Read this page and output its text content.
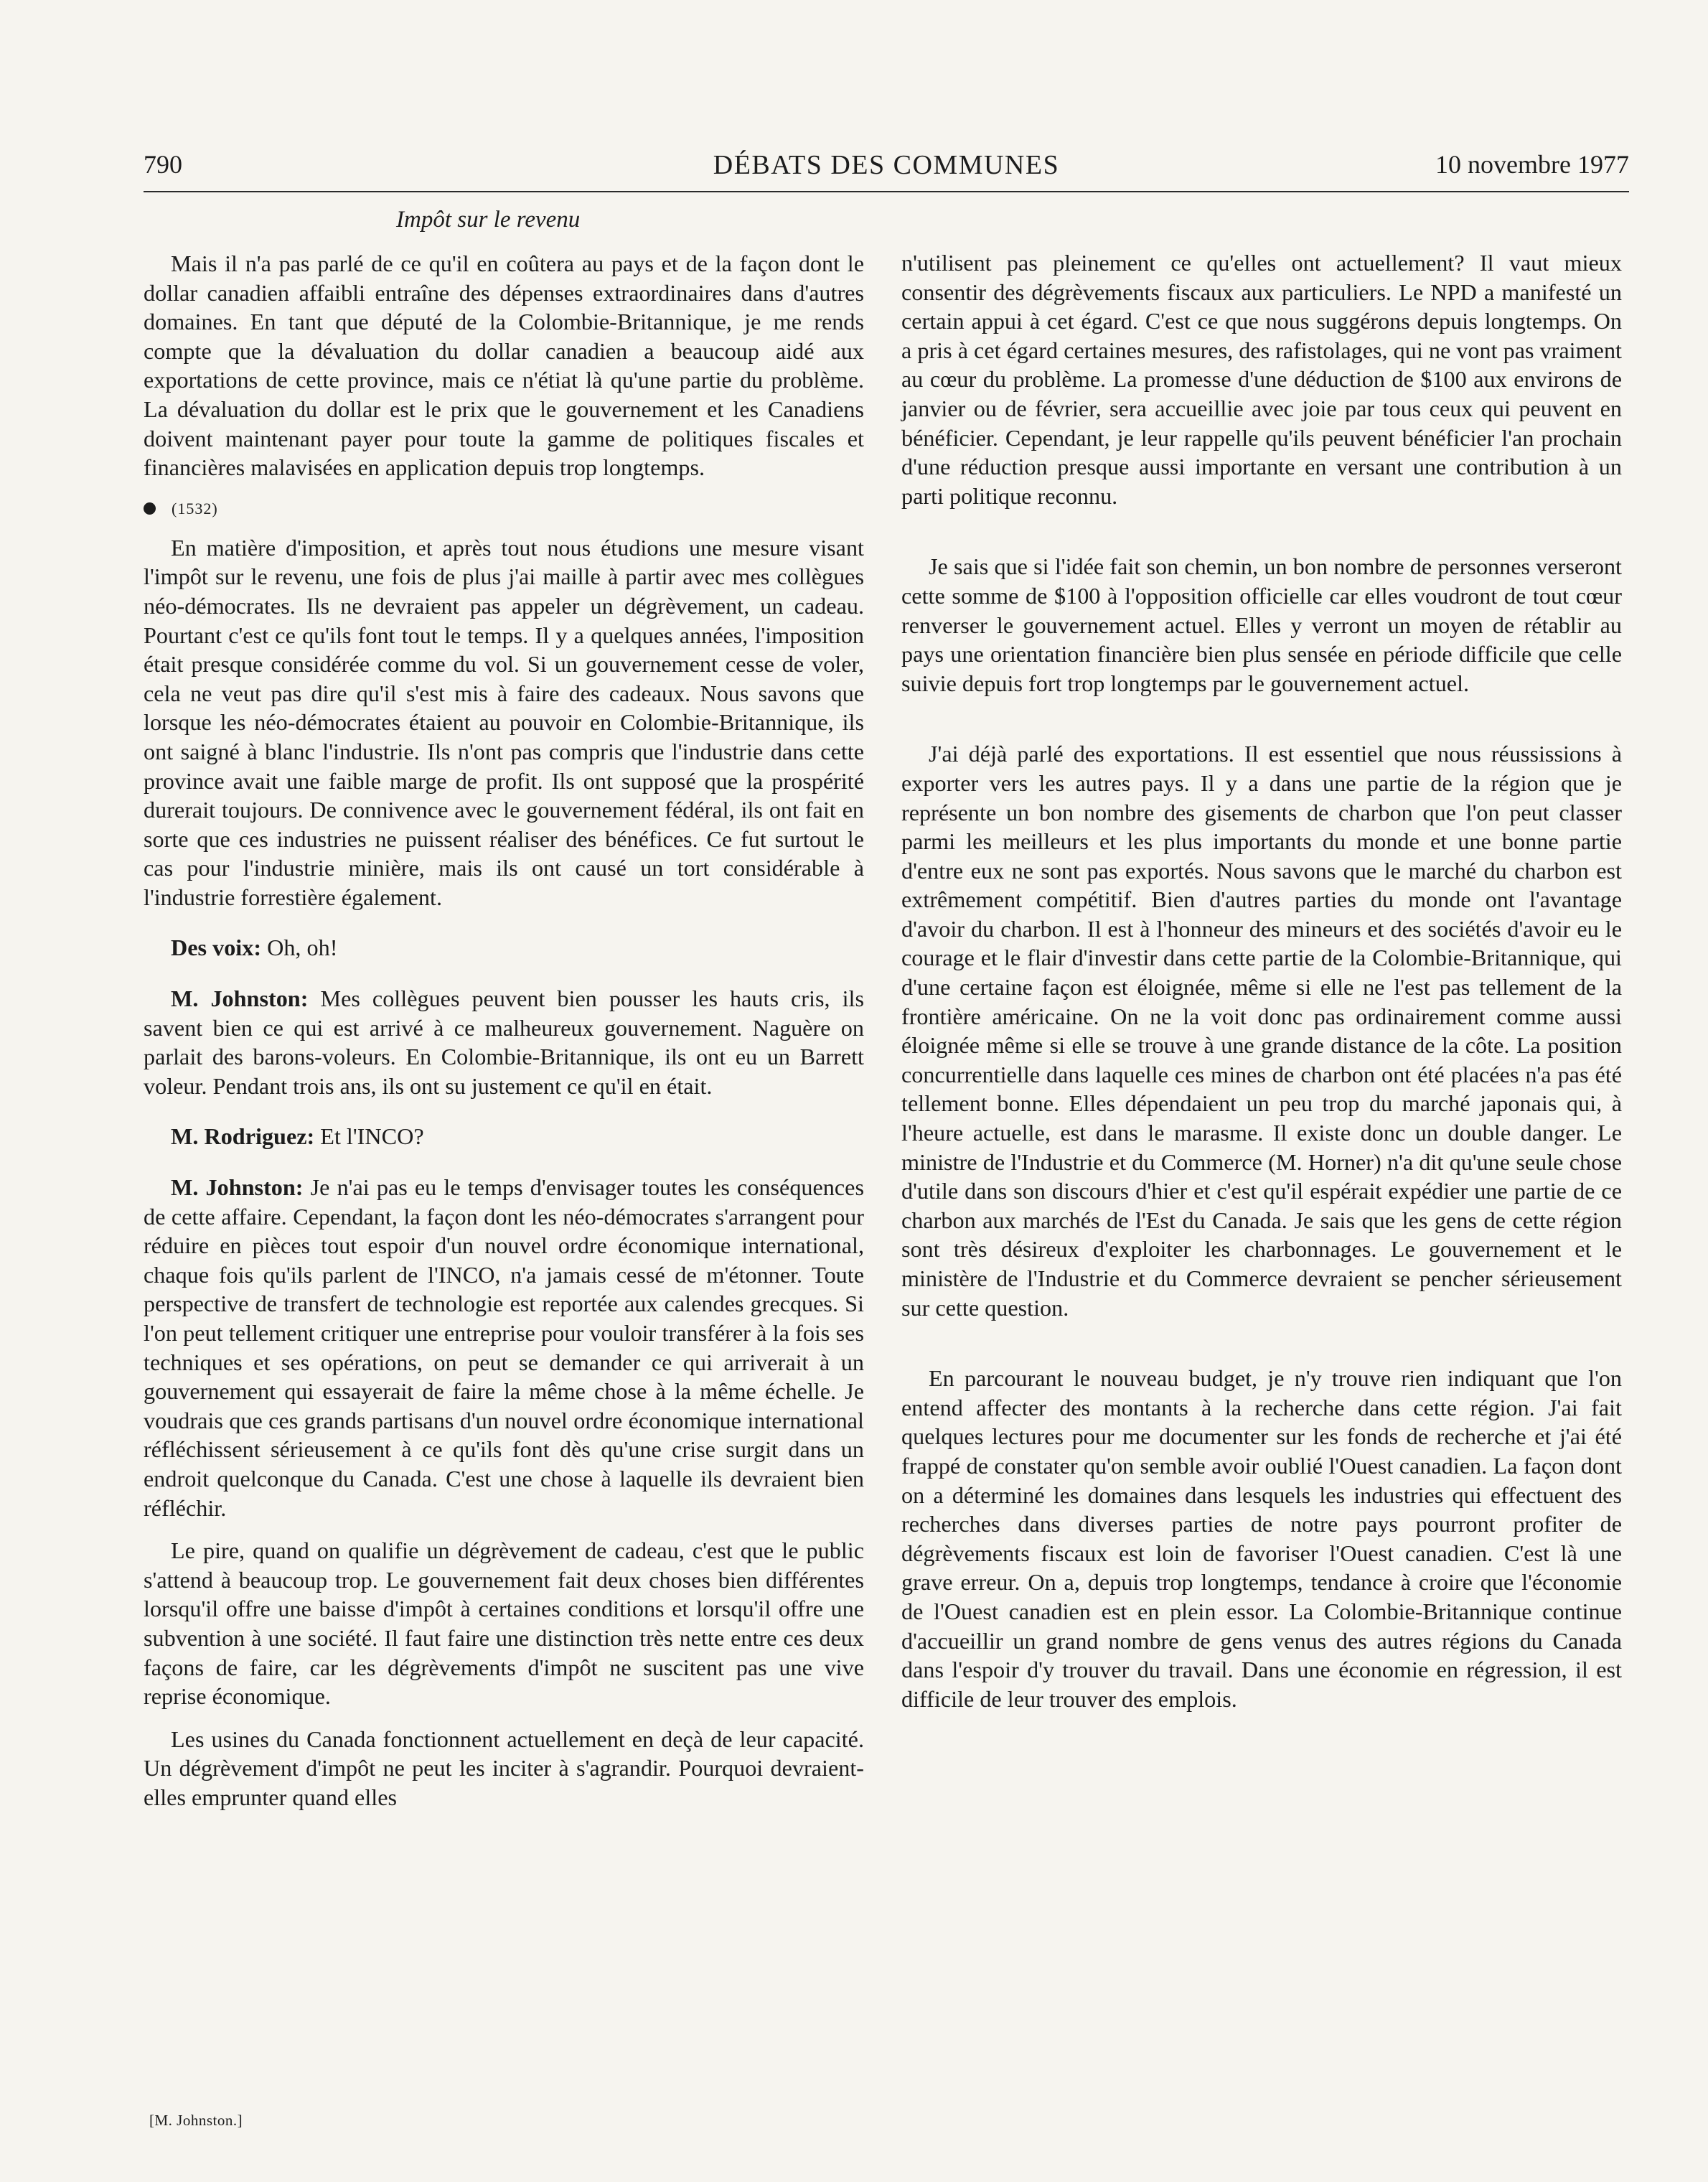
790	DÉBATS DES COMMUNES	10 novembre 1977

Impôt sur le revenu

Mais il n'a pas parlé de ce qu'il en coûtera au pays et de la façon dont le dollar canadien affaibli entraîne des dépenses extraordinaires dans d'autres domaines. En tant que député de la Colombie-Britannique, je me rends compte que la dévaluation du dollar canadien a beaucoup aidé aux exportations de cette province, mais ce n'étiat là qu'une partie du problème. La dévaluation du dollar est le prix que le gouvernement et les Canadiens doivent maintenant payer pour toute la gamme de politiques fiscales et financières malavisées en application depuis trop longtemps.

(1532)

En matière d'imposition, et après tout nous étudions une mesure visant l'impôt sur le revenu, une fois de plus j'ai maille à partir avec mes collègues néo-démocrates. Ils ne devraient pas appeler un dégrèvement, un cadeau. Pourtant c'est ce qu'ils font tout le temps. Il y a quelques années, l'imposition était presque considérée comme du vol. Si un gouvernement cesse de voler, cela ne veut pas dire qu'il s'est mis à faire des cadeaux. Nous savons que lorsque les néo-démocrates étaient au pouvoir en Colombie-Britannique, ils ont saigné à blanc l'industrie. Ils n'ont pas compris que l'industrie dans cette province avait une faible marge de profit. Ils ont supposé que la prospérité durerait toujours. De connivence avec le gouvernement fédéral, ils ont fait en sorte que ces industries ne puissent réaliser des bénéfices. Ce fut surtout le cas pour l'industrie minière, mais ils ont causé un tort considérable à l'industrie forrestière également.

Des voix: Oh, oh!

M. Johnston: Mes collègues peuvent bien pousser les hauts cris, ils savent bien ce qui est arrivé à ce malheureux gouvernement. Naguère on parlait des barons-voleurs. En Colombie-Britannique, ils ont eu un Barrett voleur. Pendant trois ans, ils ont su justement ce qu'il en était.

M. Rodriguez: Et l'INCO?

M. Johnston: Je n'ai pas eu le temps d'envisager toutes les conséquences de cette affaire. Cependant, la façon dont les néo-démocrates s'arrangent pour réduire en pièces tout espoir d'un nouvel ordre économique international, chaque fois qu'ils parlent de l'INCO, n'a jamais cessé de m'étonner. Toute perspective de transfert de technologie est reportée aux calendes grecques. Si l'on peut tellement critiquer une entreprise pour vouloir transférer à la fois ses techniques et ses opérations, on peut se demander ce qui arriverait à un gouvernement qui essayerait de faire la même chose à la même échelle. Je voudrais que ces grands partisans d'un nouvel ordre économique international réfléchissent sérieusement à ce qu'ils font dès qu'une crise surgit dans un endroit quelconque du Canada. C'est une chose à laquelle ils devraient bien réfléchir.

Le pire, quand on qualifie un dégrèvement de cadeau, c'est que le public s'attend à beaucoup trop. Le gouvernement fait deux choses bien différentes lorsqu'il offre une baisse d'impôt à certaines conditions et lorsqu'il offre une subvention à une société. Il faut faire une distinction très nette entre ces deux façons de faire, car les dégrèvements d'impôt ne suscitent pas une vive reprise économique.

Les usines du Canada fonctionnent actuellement en deçà de leur capacité. Un dégrèvement d'impôt ne peut les inciter à s'agrandir. Pourquoi devraient-elles emprunter quand elles

n'utilisent pas pleinement ce qu'elles ont actuellement? Il vaut mieux consentir des dégrèvements fiscaux aux particuliers. Le NPD a manifesté un certain appui à cet égard. C'est ce que nous suggérons depuis longtemps. On a pris à cet égard certaines mesures, des rafistolages, qui ne vont pas vraiment au cœur du problème. La promesse d'une déduction de $100 aux environs de janvier ou de février, sera accueillie avec joie par tous ceux qui peuvent en bénéficier. Cependant, je leur rappelle qu'ils peuvent bénéficier l'an prochain d'une réduction presque aussi importante en versant une contribution à un parti politique reconnu.

Je sais que si l'idée fait son chemin, un bon nombre de personnes verseront cette somme de $100 à l'opposition officielle car elles voudront de tout cœur renverser le gouvernement actuel. Elles y verront un moyen de rétablir au pays une orientation financière bien plus sensée en période difficile que celle suivie depuis fort trop longtemps par le gouvernement actuel.

J'ai déjà parlé des exportations. Il est essentiel que nous réussissions à exporter vers les autres pays. Il y a dans une partie de la région que je représente un bon nombre des gisements de charbon que l'on peut classer parmi les meilleurs et les plus importants du monde et une bonne partie d'entre eux ne sont pas exportés. Nous savons que le marché du charbon est extrêmement compétitif. Bien d'autres parties du monde ont l'avantage d'avoir du charbon. Il est à l'honneur des mineurs et des sociétés d'avoir eu le courage et le flair d'investir dans cette partie de la Colombie-Britannique, qui d'une certaine façon est éloignée, même si elle ne l'est pas tellement de la frontière américaine. On ne la voit donc pas ordinairement comme aussi éloignée même si elle se trouve à une grande distance de la côte. La position concurrentielle dans laquelle ces mines de charbon ont été placées n'a pas été tellement bonne. Elles dépendaient un peu trop du marché japonais qui, à l'heure actuelle, est dans le marasme. Il existe donc un double danger. Le ministre de l'Industrie et du Commerce (M. Horner) n'a dit qu'une seule chose d'utile dans son discours d'hier et c'est qu'il espérait expédier une partie de ce charbon aux marchés de l'Est du Canada. Je sais que les gens de cette région sont très désireux d'exploiter les charbonnages. Le gouvernement et le ministère de l'Industrie et du Commerce devraient se pencher sérieusement sur cette question.

En parcourant le nouveau budget, je n'y trouve rien indiquant que l'on entend affecter des montants à la recherche dans cette région. J'ai fait quelques lectures pour me documenter sur les fonds de recherche et j'ai été frappé de constater qu'on semble avoir oublié l'Ouest canadien. La façon dont on a déterminé les domaines dans lesquels les industries qui effectuent des recherches dans diverses parties de notre pays pourront profiter de dégrèvements fiscaux est loin de favoriser l'Ouest canadien. C'est là une grave erreur. On a, depuis trop longtemps, tendance à croire que l'économie de l'Ouest canadien est en plein essor. La Colombie-Britannique continue d'accueillir un grand nombre de gens venus des autres régions du Canada dans l'espoir d'y trouver du travail. Dans une économie en régression, il est difficile de leur trouver des emplois.

[M. Johnston.]
